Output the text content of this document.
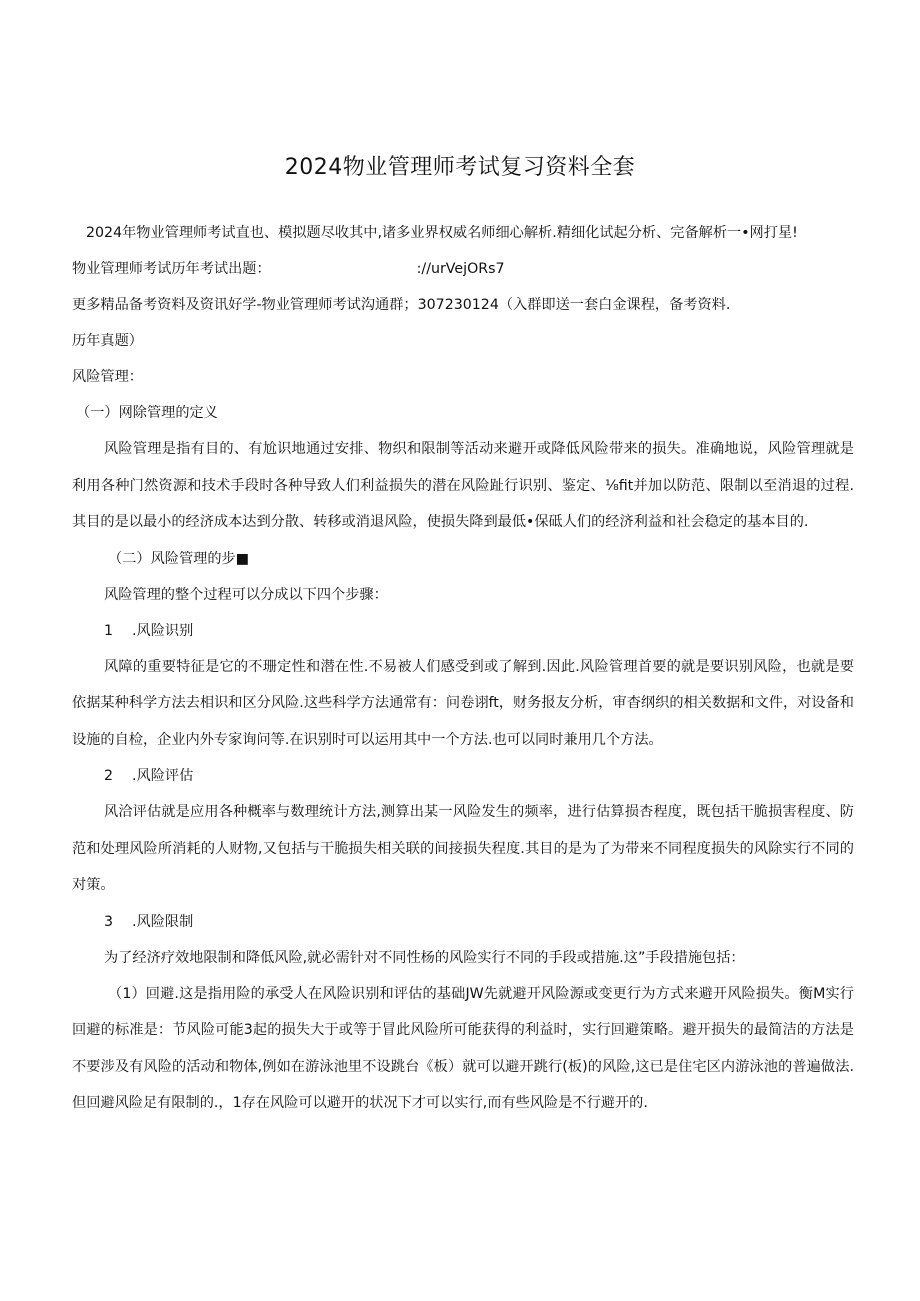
2024物业管理师考试复习资料全套

2024年物业管理师考试直也、模拟题尽收其中,诸多业界权威名师细心解析.精细化试起分析、完备解析一•网打星!

物业管理师考试历年考试出题：	://urVejORs7

更多精品备考资料及资讯好学-物业管理师考试沟通群；307230124（入群即送一套白金课程，备考资料.

历年真题）

风险管理：

（一）网除管理的定义

风险管理是指有目的、有尬识地通过安排、物织和限制等活动来避开或降低风险带来的损失。准确地说，风险管理就是利用各种门然资源和技术手段时各种导致人们利益损失的潜在风险趾行识别、鉴定、⅛fit并加以防范、限制以至消退的过程.其目的是以最小的经济成本达到分散、转移或消退风险，使损失降到最低•保砥人们的经济利益和社会稳定的基本目的.

（二）风险管理的步■

风险管理的整个过程可以分成以下四个步骤：

1 .风险识别

风障的重要特征是它的不珊定性和潜在性.不易被人们感受到或了解到.因此.风险管理首要的就是要识别风险，也就是要依据某种科学方法去相识和区分风险.这些科学方法通常有：问卷诩ft，财务报友分析，审杳纲织的相关数据和文件，对设备和设施的自检，企业内外专家询问等.在识别时可以运用其中一个方法.也可以同时兼用几个方法。

2 .风险评估

风洽评估就是应用各种概率与数理统计方法,测算出某一风险发生的频率，进行估算损杏程度，既包括干脆损害程度、防范和处理风险所消耗的人财物,又包括与干脆损失相关联的间接损失程度.其目的是为了为带来不同程度损失的风除实行不同的对策。

3 .风险限制

为了经济疗效地限制和降低风险,就必需针对不同性杨的风险实行不同的手段或措施.这”手段措施包括：

（1）回避.这是指用险的承受人在风险识别和评估的基础JW先就避开风险源或变更行为方式来避开风险损失。衡M实行回避的标准是：节风险可能3起的损失大于或等于冒此风险所可能获得的利益时，实行回避策略。避开损失的最简洁的方法是不要涉及有风险的活动和物体,例如在游泳池里不设跳台《板）就可以避开跳行(板)的风险,这已是住宅区内游泳池的普遍做法.但回避风险足有限制的.，1存在风险可以避开的状况下才可以实行,而有些风险是不行避开的.
